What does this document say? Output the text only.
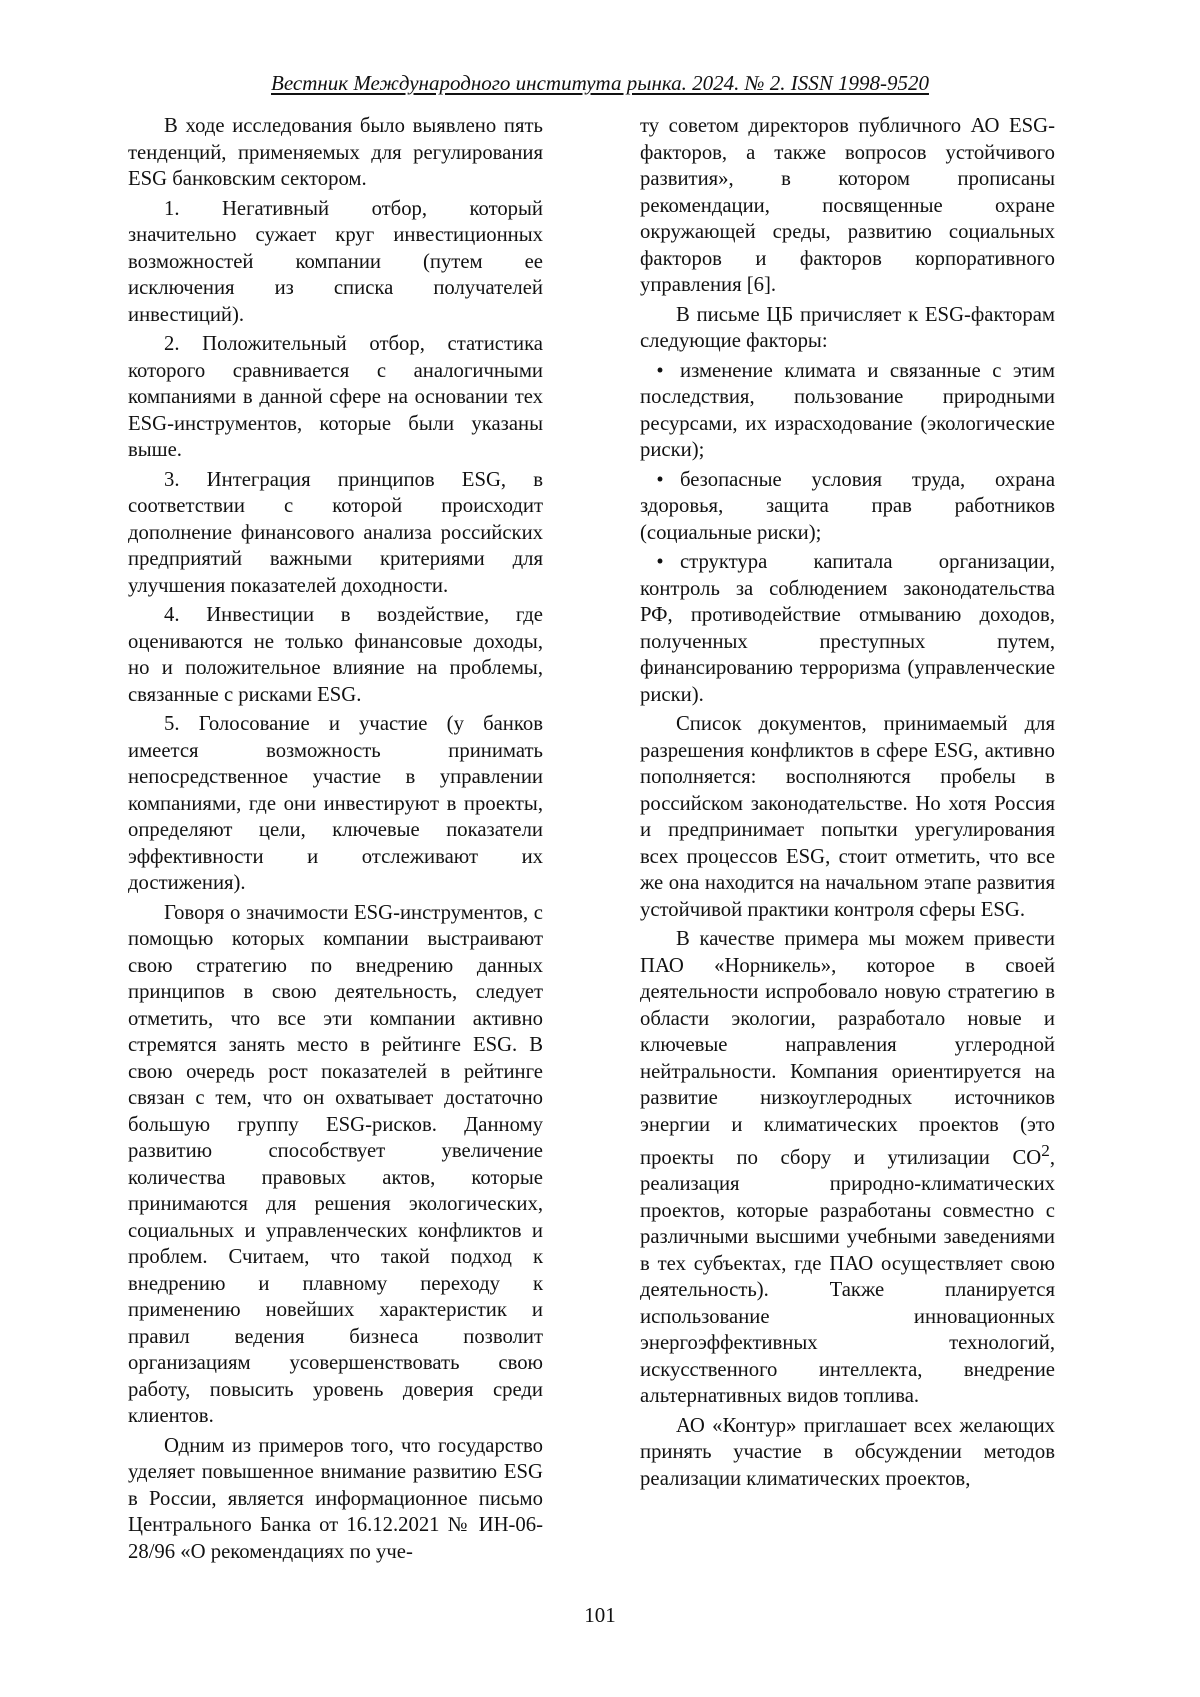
Вестник Международного института рынка. 2024. № 2. ISSN 1998-9520

В ходе исследования было выявлено пять тенденций, применяемых для регулирования ESG банковским сектором.

1. Негативный отбор, который значительно сужает круг инвестиционных возможностей компании (путем ее исключения из списка получателей инвестиций).

2. Положительный отбор, статистика которого сравнивается с аналогичными компаниями в данной сфере на основании тех ESG-инструментов, которые были указаны выше.

3. Интеграция принципов ESG, в соответствии с которой происходит дополнение финансового анализа российских предприятий важными критериями для улучшения показателей доходности.

4. Инвестиции в воздействие, где оцениваются не только финансовые доходы, но и положительное влияние на проблемы, связанные с рисками ESG.

5. Голосование и участие (у банков имеется возможность принимать непосредственное участие в управлении компаниями, где они инвестируют в проекты, определяют цели, ключевые показатели эффективности и отслеживают их достижения).

Говоря о значимости ESG-инструментов, с помощью которых компании выстраивают свою стратегию по внедрению данных принципов в свою деятельность, следует отметить, что все эти компании активно стремятся занять место в рейтинге ESG. В свою очередь рост показателей в рейтинге связан с тем, что он охватывает достаточно большую группу ESG-рисков. Данному развитию способствует увеличение количества правовых актов, которые принимаются для решения экологических, социальных и управленческих конфликтов и проблем. Считаем, что такой подход к внедрению и плавному переходу к применению новейших характеристик и правил ведения бизнеса позволит организациям усовершенствовать свою работу, повысить уровень доверия среди клиентов.

Одним из примеров того, что государство уделяет повышенное внимание развитию ESG в России, является информационное письмо Центрального Банка от 16.12.2021 № ИН-06-28/96 «О рекомендациях по уче-

ту советом директоров публичного АО ESG-факторов, а также вопросов устойчивого развития», в котором прописаны рекомендации, посвященные охране окружающей среды, развитию социальных факторов и факторов корпоративного управления [6].

В письме ЦБ причисляет к ESG-факторам следующие факторы:

• изменение климата и связанные с этим последствия, пользование природными ресурсами, их израсходование (экологические риски);

• безопасные условия труда, охрана здоровья, защита прав работников (социальные риски);

• структура капитала организации, контроль за соблюдением законодательства РФ, противодействие отмыванию доходов, полученных преступных путем, финансированию терроризма (управленческие риски).

Список документов, принимаемый для разрешения конфликтов в сфере ESG, активно пополняется: восполняются пробелы в российском законодательстве. Но хотя Россия и предпринимает попытки урегулирования всех процессов ESG, стоит отметить, что все же она находится на начальном этапе развития устойчивой практики контроля сферы ESG.

В качестве примера мы можем привести ПАО «Норникель», которое в своей деятельности испробовало новую стратегию в области экологии, разработало новые и ключевые направления углеродной нейтральности. Компания ориентируется на развитие низкоуглеродных источников энергии и климатических проектов (это проекты по сбору и утилизации $СО^2$, реализация природно-климатических проектов, которые разработаны совместно с различными высшими учебными заведениями в тех субъектах, где ПАО осуществляет свою деятельность). Также планируется использование инновационных энергоэффективных технологий, искусственного интеллекта, внедрение альтернативных видов топлива.

АО «Контур» приглашает всех желающих принять участие в обсуждении методов реализации климатических проектов,

101
